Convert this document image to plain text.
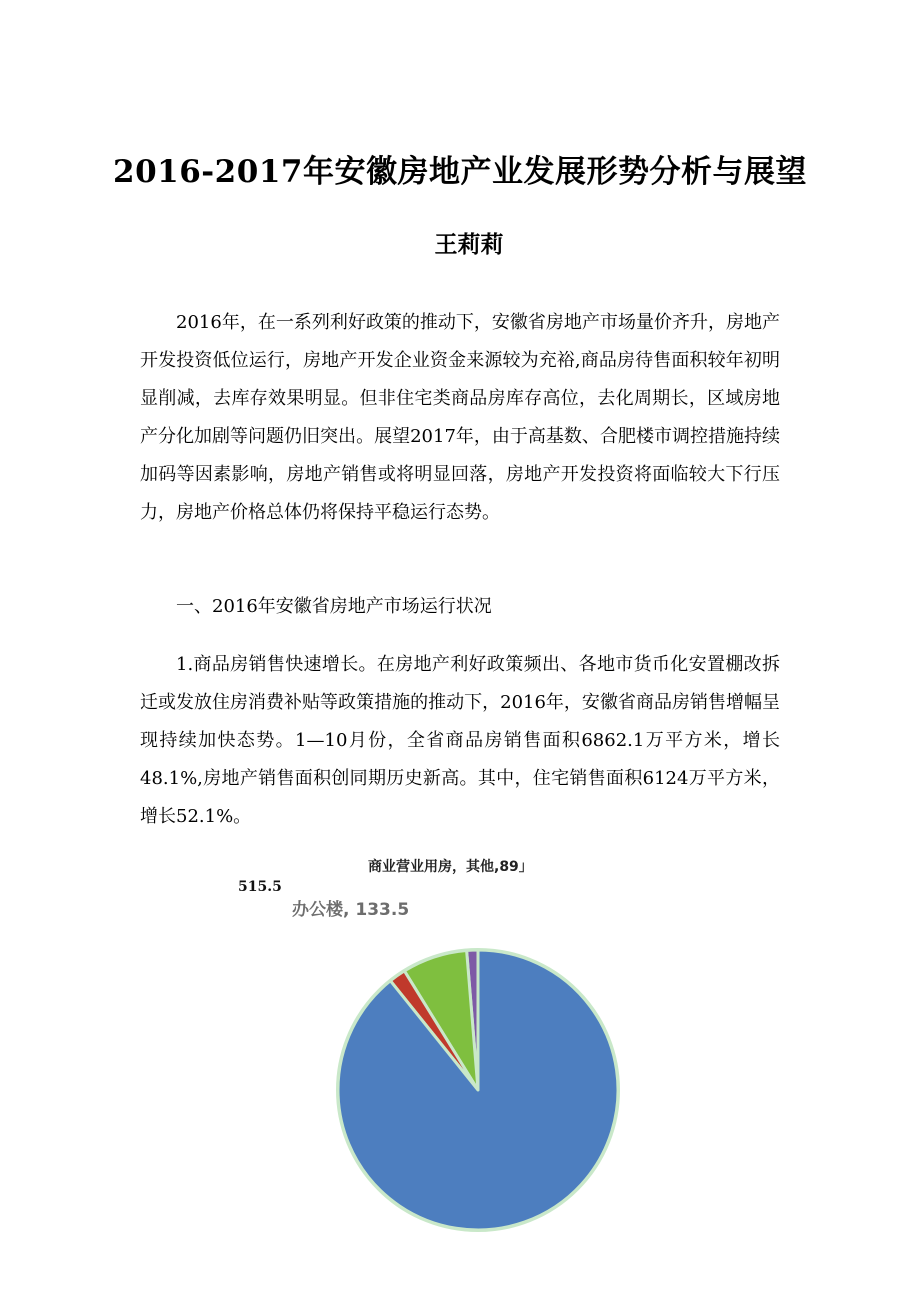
2016-2017年安徽房地产业发展形势分析与展望
王莉莉

2016年，在一系列利好政策的推动下，安徽省房地产市场量价齐升，房地产开发投资低位运行，房地产开发企业资金来源较为充裕,商品房待售面积较年初明显削减，去库存效果明显。但非住宅类商品房库存高位，去化周期长，区域房地产分化加剧等问题仍旧突出。展望2017年，由于高基数、合肥楼市调控措施持续加码等因素影响，房地产销售或将明显回落，房地产开发投资将面临较大下行压力，房地产价格总体仍将保持平稳运行态势。

一、2016年安徽省房地产市场运行状况

1.商品房销售快速增长。在房地产利好政策频出、各地市货币化安置棚改拆迁或发放住房消费补贴等政策措施的推动下，2016年，安徽省商品房销售增幅呈现持续加快态势。1—10月份，全省商品房销售面积6862.1万平方米，增长48.1%,房地产销售面积创同期历史新高。其中，住宅销售面积6124万平方米，增长52.1%。

商业营业用房，其他,89」
515.5
办公楼, 133.5
